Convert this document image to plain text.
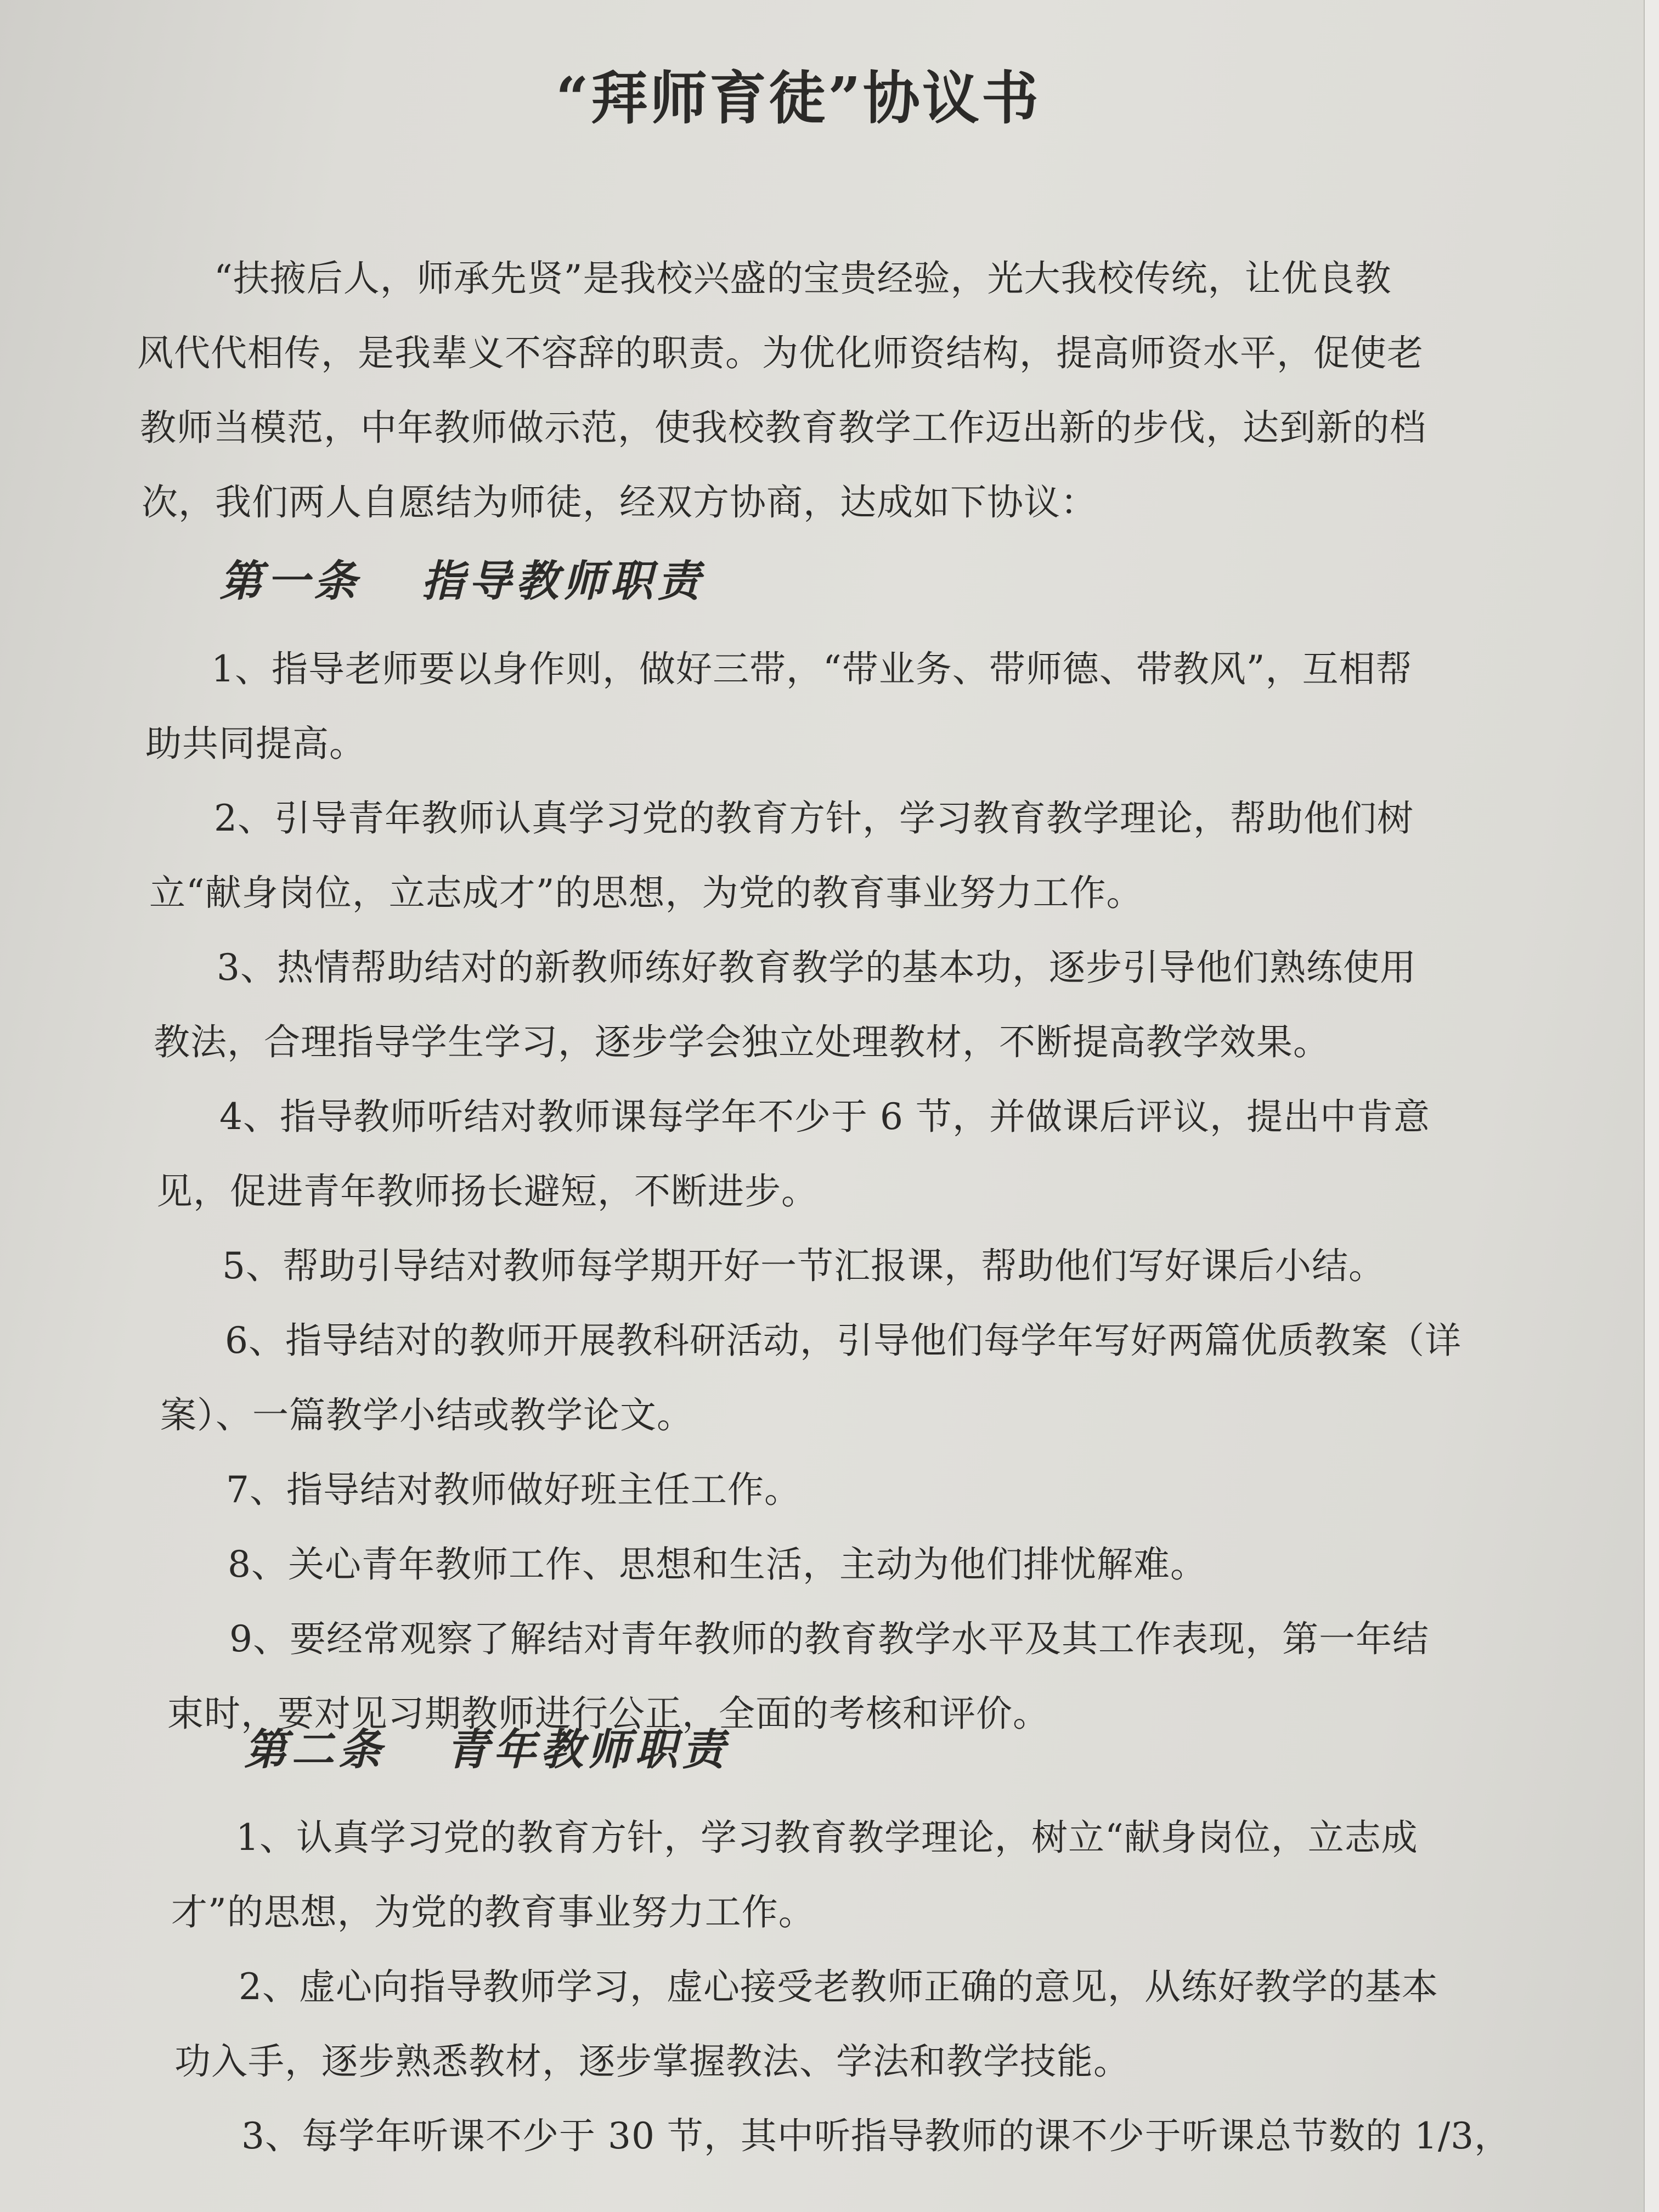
“拜师育徒”协议书
“扶掖后人，师承先贤”是我校兴盛的宝贵经验，光大我校传统，让优良教
风代代相传，是我辈义不容辞的职责。为优化师资结构，提高师资水平，促使老
教师当模范，中年教师做示范，使我校教育教学工作迈出新的步伐，达到新的档
次，我们两人自愿结为师徒，经双方协商，达成如下协议：
第一条 指导教师职责
1、指导老师要以身作则，做好三带，“带业务、带师德、带教风”，互相帮
助共同提高。
2、引导青年教师认真学习党的教育方针，学习教育教学理论，帮助他们树
立“献身岗位，立志成才”的思想，为党的教育事业努力工作。
3、热情帮助结对的新教师练好教育教学的基本功，逐步引导他们熟练使用
教法，合理指导学生学习，逐步学会独立处理教材，不断提高教学效果。
4、指导教师听结对教师课每学年不少于 6 节，并做课后评议，提出中肯意
见，促进青年教师扬长避短，不断进步。
5、帮助引导结对教师每学期开好一节汇报课，帮助他们写好课后小结。
6、指导结对的教师开展教科研活动，引导他们每学年写好两篇优质教案（详
案）、一篇教学小结或教学论文。
7、指导结对教师做好班主任工作。
8、关心青年教师工作、思想和生活，主动为他们排忧解难。
9、要经常观察了解结对青年教师的教育教学水平及其工作表现，第一年结
束时，要对见习期教师进行公正，全面的考核和评价。
第二条 青年教师职责
1、认真学习党的教育方针，学习教育教学理论，树立“献身岗位，立志成
才”的思想，为党的教育事业努力工作。
2、虚心向指导教师学习，虚心接受老教师正确的意见，从练好教学的基本
功入手，逐步熟悉教材，逐步掌握教法、学法和教学技能。
3、每学年听课不少于 30 节，其中听指导教师的课不少于听课总节数的 1/3，
